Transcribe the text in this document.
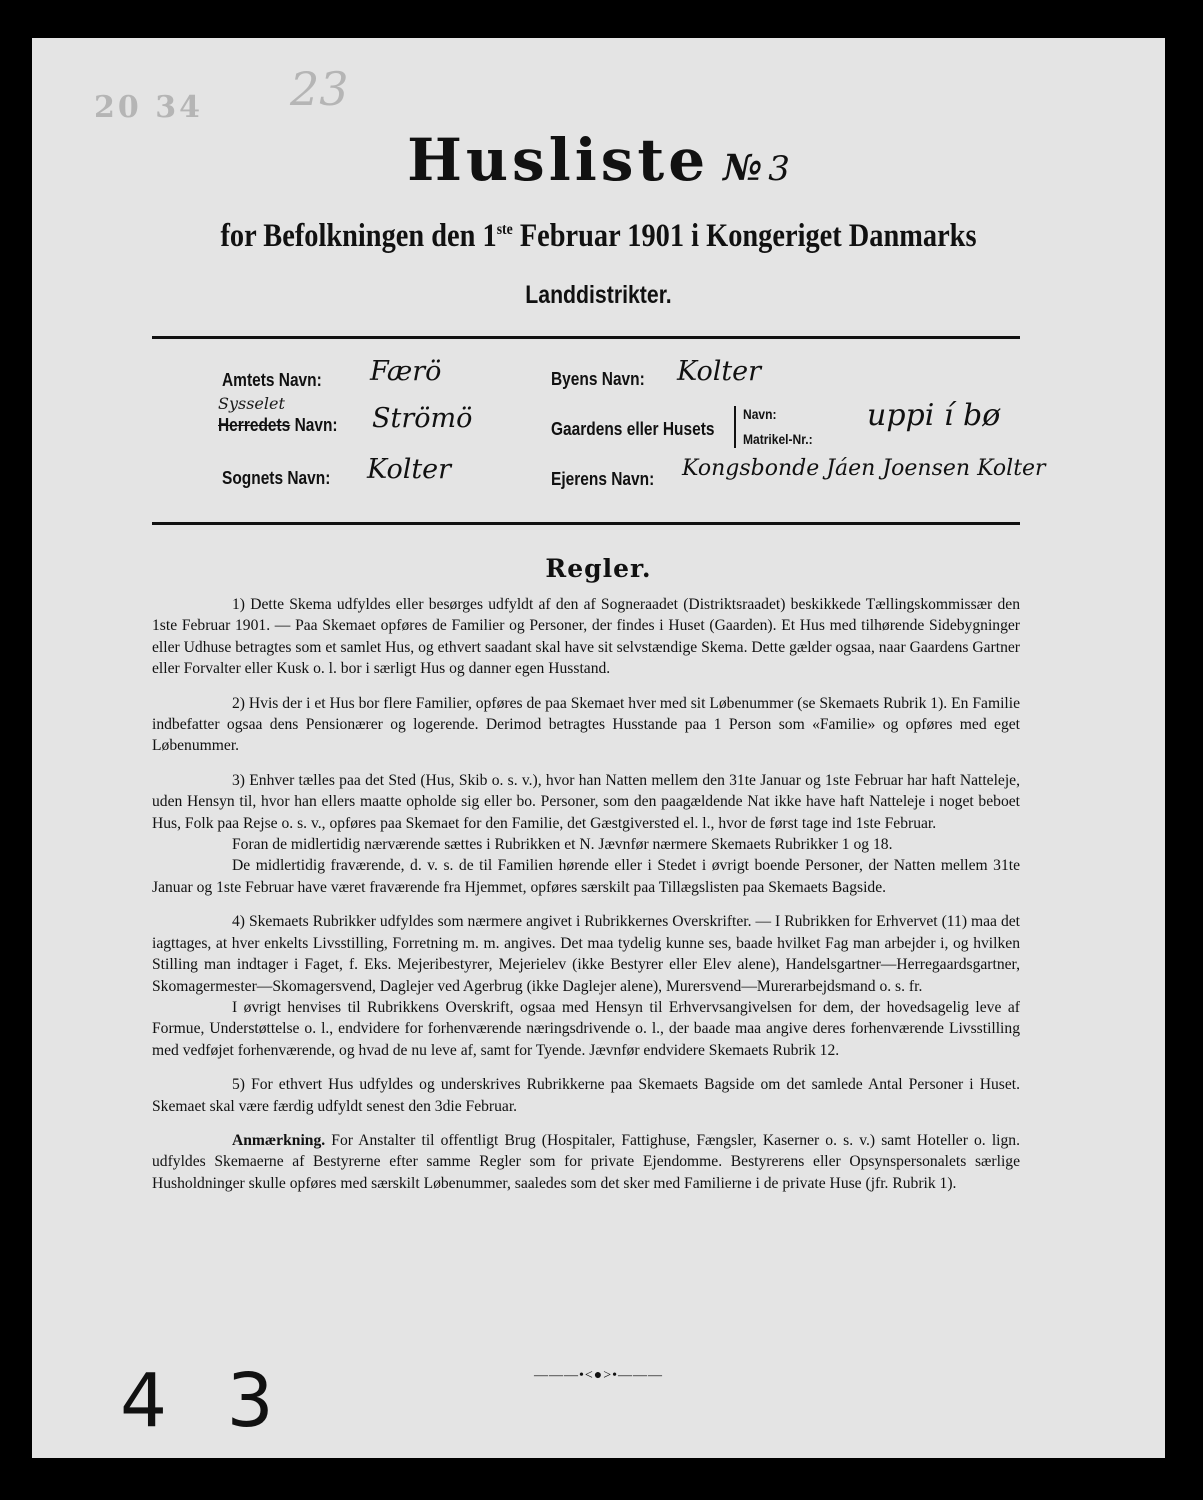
20 34 23
Husliste № 3
for Befolkningen den 1ste Februar 1901 i Kongeriget Danmarks
Landdistrikter.
Amtets Navn: Færö
Sysselet
Herredets Navn: Strömö
Sognets Navn: Kolter
Byens Navn: Kolter
Gaardens eller Husets
Navn:
Matrikel-Nr.:
uppi í bø
Ejerens Navn: Kongsbonde Jáen Joensen Kolter
Regler.

1) Dette Skema udfyldes eller besørges udfyldt af den af Sogneraadet (Distriktsraadet) beskikkede Tællingskommissær den 1ste Februar 1901. — Paa Skemaet opføres de Familier og Personer, der findes i Huset (Gaarden). Et Hus med tilhørende Sidebygninger eller Udhuse betragtes som et samlet Hus, og ethvert saadant skal have sit selvstændige Skema. Dette gælder ogsaa, naar Gaardens Gartner eller Forvalter eller Kusk o. l. bor i særligt Hus og danner egen Husstand.

2) Hvis der i et Hus bor flere Familier, opføres de paa Skemaet hver med sit Løbenummer (se Skemaets Rubrik 1). En Familie indbefatter ogsaa dens Pensionærer og logerende. Derimod betragtes Husstande paa 1 Person som «Familie» og opføres med eget Løbenummer.

3) Enhver tælles paa det Sted (Hus, Skib o. s. v.), hvor han Natten mellem den 31te Januar og 1ste Februar har haft Natteleje, uden Hensyn til, hvor han ellers maatte opholde sig eller bo. Personer, som den paagældende Nat ikke have haft Natteleje i noget beboet Hus, Folk paa Rejse o. s. v., opføres paa Skemaet for den Familie, det Gæstgiversted el. l., hvor de først tage ind 1ste Februar.

Foran de midlertidig nærværende sættes i Rubrikken et N. Jævnfør nærmere Skemaets Rubrikker 1 og 18.

De midlertidig fraværende, d. v. s. de til Familien hørende eller i Stedet i øvrigt boende Personer, der Natten mellem 31te Januar og 1ste Februar have været fraværende fra Hjemmet, opføres særskilt paa Tillægslisten paa Skemaets Bagside.

4) Skemaets Rubrikker udfyldes som nærmere angivet i Rubrikkernes Overskrifter. — I Rubrikken for Erhvervet (11) maa det iagttages, at hver enkelts Livsstilling, Forretning m. m. angives. Det maa tydelig kunne ses, baade hvilket Fag man arbejder i, og hvilken Stilling man indtager i Faget, f. Eks. Mejeribestyrer, Mejerielev (ikke Bestyrer eller Elev alene), Handelsgartner—Herregaardsgartner, Skomagermester—Skomagersvend, Daglejer ved Agerbrug (ikke Daglejer alene), Murersvend—Murerarbejdsmand o. s. fr.

I øvrigt henvises til Rubrikkens Overskrift, ogsaa med Hensyn til Erhvervsangivelsen for dem, der hovedsagelig leve af Formue, Understøttelse o. l., endvidere for forhenværende næringsdrivende o. l., der baade maa angive deres forhenværende Livsstilling med vedføjet forhenværende, og hvad de nu leve af, samt for Tyende. Jævnfør endvidere Skemaets Rubrik 12.

5) For ethvert Hus udfyldes og underskrives Rubrikkerne paa Skemaets Bagside om det samlede Antal Personer i Huset. Skemaet skal være færdig udfyldt senest den 3die Februar.

Anmærkning. For Anstalter til offentligt Brug (Hospitaler, Fattighuse, Fængsler, Kaserner o. s. v.) samt Hoteller o. lign. udfyldes Skemaerne af Bestyrerne efter samme Regler som for private Ejendomme. Bestyrerens eller Opsynspersonalets særlige Husholdninger skulle opføres med særskilt Løbenummer, saaledes som det sker med Familierne i de private Huse (jfr. Rubrik 1).

———•<●>•———
4 3
